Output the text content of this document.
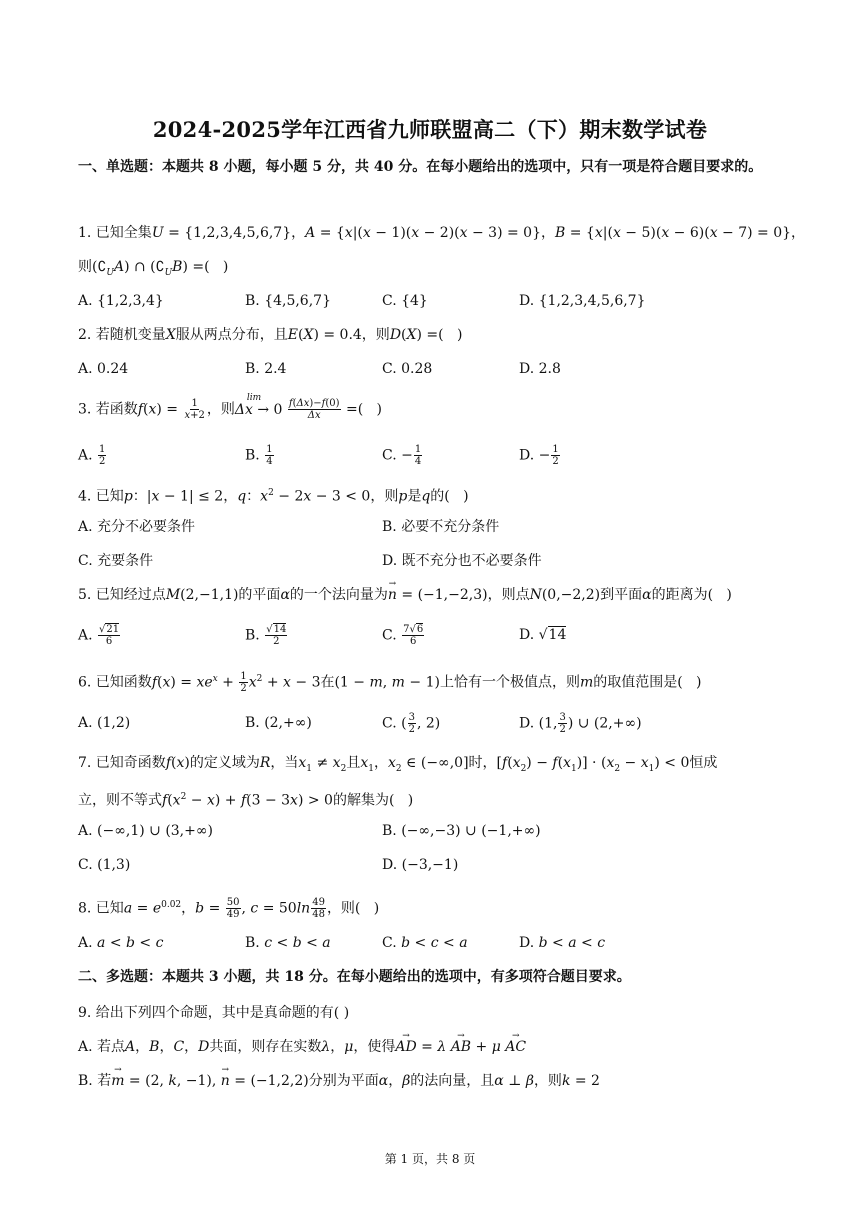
2024-2025学年江西省九师联盟高二（下）期末数学试卷
一、单选题：本题共 8 小题，每小题 5 分，共 40 分。在每小题给出的选项中，只有一项是符合题目要求的。
1. 已知全集U = {1,2,3,4,5,6,7}，A = {x|(x − 1)(x − 2)(x − 3) = 0}，B = {x|(x − 5)(x − 6)(x − 7) = 0}，
则$(∁_UA)$ ∩ $(∁_UB)$ =(   )
A. {1,2,3,4}	B. {4,5,6,7}	C. {4}	D. {1,2,3,4,5,6,7}
2. 若随机变量X服从两点分布，且E(X) = 0.4，则D(X) =(   )
A. 0.24	B. 2.4	C. 0.28	D. 2.8
3. 若函数$f(x) = \frac{1}{x+2}$ ，则
lim
$\Delta x \to 0 \frac{f(\Delta x)-f(0)}{\Delta x}$ =(   )
A. $\frac{1}{2}$	B. $\frac{1}{4}$	C. − $\frac{1}{4}$	D. − $\frac{1}{2}$
4. 已知p：|x − 1| ≤ 2，q：$x^2 - 2x - 3 < 0$，则p是q的(   )
A. 充分不必要条件	B. 必要不充分条件
C. 充要条件	D. 既不充分也不必要条件
5. 已知经过点M(2,−1,1)的平面α的一个法向量为→ n = (−1,−2,3)，则点N(0,−2,2)到平面α的距离为(   )
A. $\frac{√21}{6}$	B. $\frac{√14}{2}$	C. $\frac{7√6}{6}$	D. √14
6. 已知函数$f(x) = xe^x + \frac{1}{2} x^2 + x - 3$在(1 − m, m − 1)上恰有一个极值点，则m的取值范围是(   )
A. (1,2)	B. (2,+∞)	C. ( $\frac{3}{2}$ , 2)	D. (1, $\frac{3}{2}$ ) ∪ (2,+∞)
7. 已知奇函数f(x)的定义域为R，当$x_1 \ne x_2$且$x_1$，$x_2$ ∈ (−∞,0]时，$[f(x_2) - f(x_1)] \cdot (x_2 - x_1) < 0$恒成
立，则不等式$f(x^2 - x) + f(3 - 3x) > 0$的解集为(   )
A. (−∞,1) ∪ (3,+∞)	B. (−∞,−3) ∪ (−1,+∞)
C. (1,3)	D. (−3,−1)
8. 已知$a = e^{0.02}$，$b = \frac{50}{49}$ , $c = 50\ln \frac{49}{48}$ ，则(   )
A. a < b < c	B. c < b < a	C. b < c < a	D. b < a < c
二、多选题：本题共 3 小题，共 18 分。在每小题给出的选项中，有多项符合题目要求。
9. 给出下列四个命题，其中是真命题的有( )
A. 若点A，B，C，D共面，则存在实数λ，μ，使得→ AD = λ → AB + μ → AC
B. 若→ m = (2, k, −1), → n = (−1,2,2)分别为平面α，β的法向量，且α ⊥ β，则k = 2
第 1 页，共 8 页
